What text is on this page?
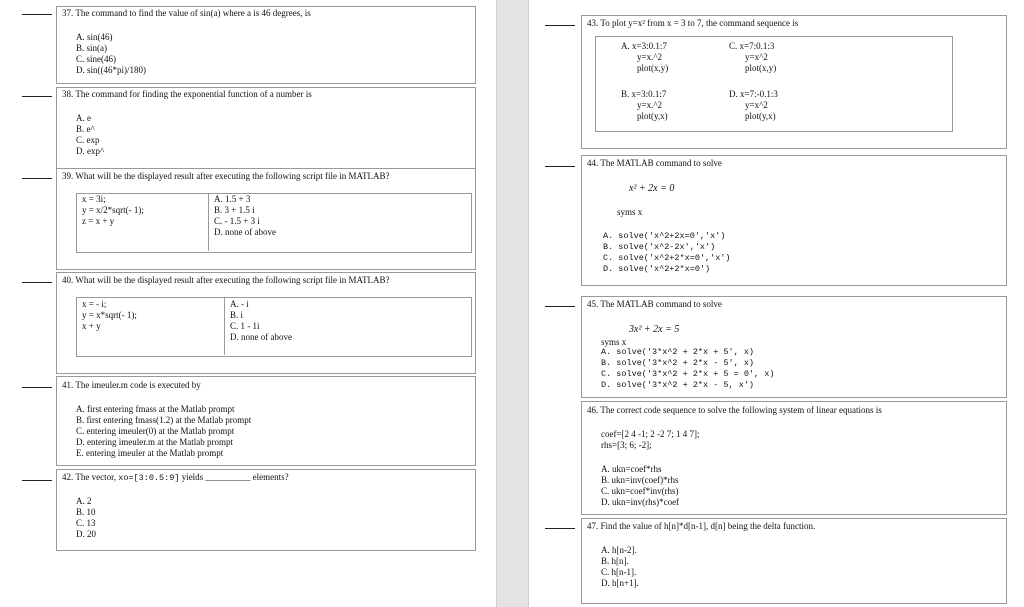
37. The command to find the value of sin(a) where a is 46 degrees, is
A. sin(46)
B. sin(a)
C. sine(46)
D. sin((46*pi)/180)
38. The command for finding the exponential function of a number is
A. e
B. e^
C. exp
D. exp^
39. What will be the displayed result after executing the following script file in MATLAB?
x = 3i;
y = x/2*sqrt(- 1);
z = x + y
A. 1.5 + 3
B. 3 + 1.5 i
C. - 1.5 + 3 i
D. none of above
40. What will be the displayed result after executing the following script file in MATLAB?
x = - i;
y = x*sqrt(- 1);
x + y
A. - i
B. i
C. 1 - 1i
D. none of above
41. The imeuler.m code is executed by
A. first entering fmass at the Matlab prompt
B. first entering fmass(1.2) at the Matlab prompt
C. entering imeuler(0) at the Matlab prompt
D. entering imeuler.m at the Matlab prompt
E. entering imeuler at the Matlab prompt
42. The vector, xo=[3:0.5:9] yields __________ elements?
A. 2
B. 10
C. 13
D. 20
43. To plot y=x² from x = 3 to 7, the command sequence is
A. x=3:0.1:7
y=x.^2
plot(x,y)
C. x=7:0.1:3
y=x^2
plot(x,y)
B. x=3:0.1:7
y=x.^2
plot(y,x)
D. x=7:-0.1:3
y=x^2
plot(y,x)
44. The MATLAB command to solve
x² + 2x = 0
syms x
A. solve('x^2+2x=0','x')
B. solve('x^2-2x','x')
C. solve('x^2+2*x=0','x')
D. solve('x^2+2*x=0')
45. The MATLAB command to solve
3x² + 2x = 5
syms x
A. solve('3*x^2 + 2*x + 5', x)
B. solve('3*x^2 + 2*x - 5', x)
C. solve('3*x^2 + 2*x + 5 = 0', x)
D. solve('3*x^2 + 2*x - 5, x')
46. The correct code sequence to solve the following system of linear equations is
coef=[2 4 -1; 2 -2 7; 1 4 7];
rhs=[3; 6; -2];
A. ukn=coef*rhs
B. ukn=inv(coef)*rhs
C. ukn=coef*inv(rhs)
D. ukn=inv(rhs)*coef
47. Find the value of h[n]*d[n-1], d[n] being the delta function.
A. h[n-2].
B. h[n].
C. h[n-1].
D. h[n+1].
